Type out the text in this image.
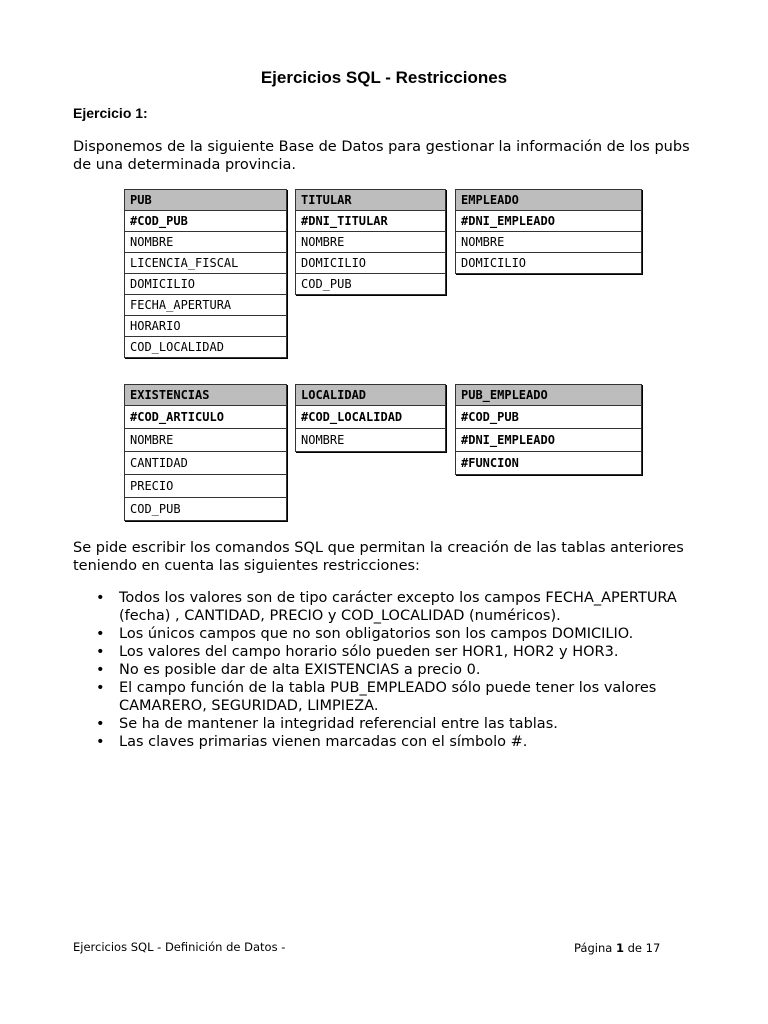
Ejercicios SQL - Restricciones
Ejercicio 1:
Disponemos de la siguiente Base de Datos para gestionar la información de los pubs de una determinada provincia.
PUB
#COD_PUB
NOMBRE
LICENCIA_FISCAL
DOMICILIO
FECHA_APERTURA
HORARIO
COD_LOCALIDAD
TITULAR
#DNI_TITULAR
NOMBRE
DOMICILIO
COD_PUB
EMPLEADO
#DNI_EMPLEADO
NOMBRE
DOMICILIO
EXISTENCIAS
#COD_ARTICULO
NOMBRE
CANTIDAD
PRECIO
COD_PUB
LOCALIDAD
#COD_LOCALIDAD
NOMBRE
PUB_EMPLEADO
#COD_PUB
#DNI_EMPLEADO
#FUNCION
Se pide escribir los comandos SQL que permitan la creación de las tablas anteriores teniendo en cuenta las siguientes restricciones:
• Todos los valores son de tipo carácter excepto los campos FECHA_APERTURA (fecha) , CANTIDAD, PRECIO y COD_LOCALIDAD (numéricos).
• Los únicos campos que no son obligatorios son los campos DOMICILIO.
• Los valores del campo horario sólo pueden ser HOR1, HOR2 y HOR3.
• No es posible dar de alta EXISTENCIAS a precio 0.
• El campo función de la tabla PUB_EMPLEADO sólo puede tener los valores CAMARERO, SEGURIDAD, LIMPIEZA.
• Se ha de mantener la integridad referencial entre las tablas.
• Las claves primarias vienen marcadas con el símbolo #.
Ejercicios SQL - Definición de Datos -	Página 1 de 17
